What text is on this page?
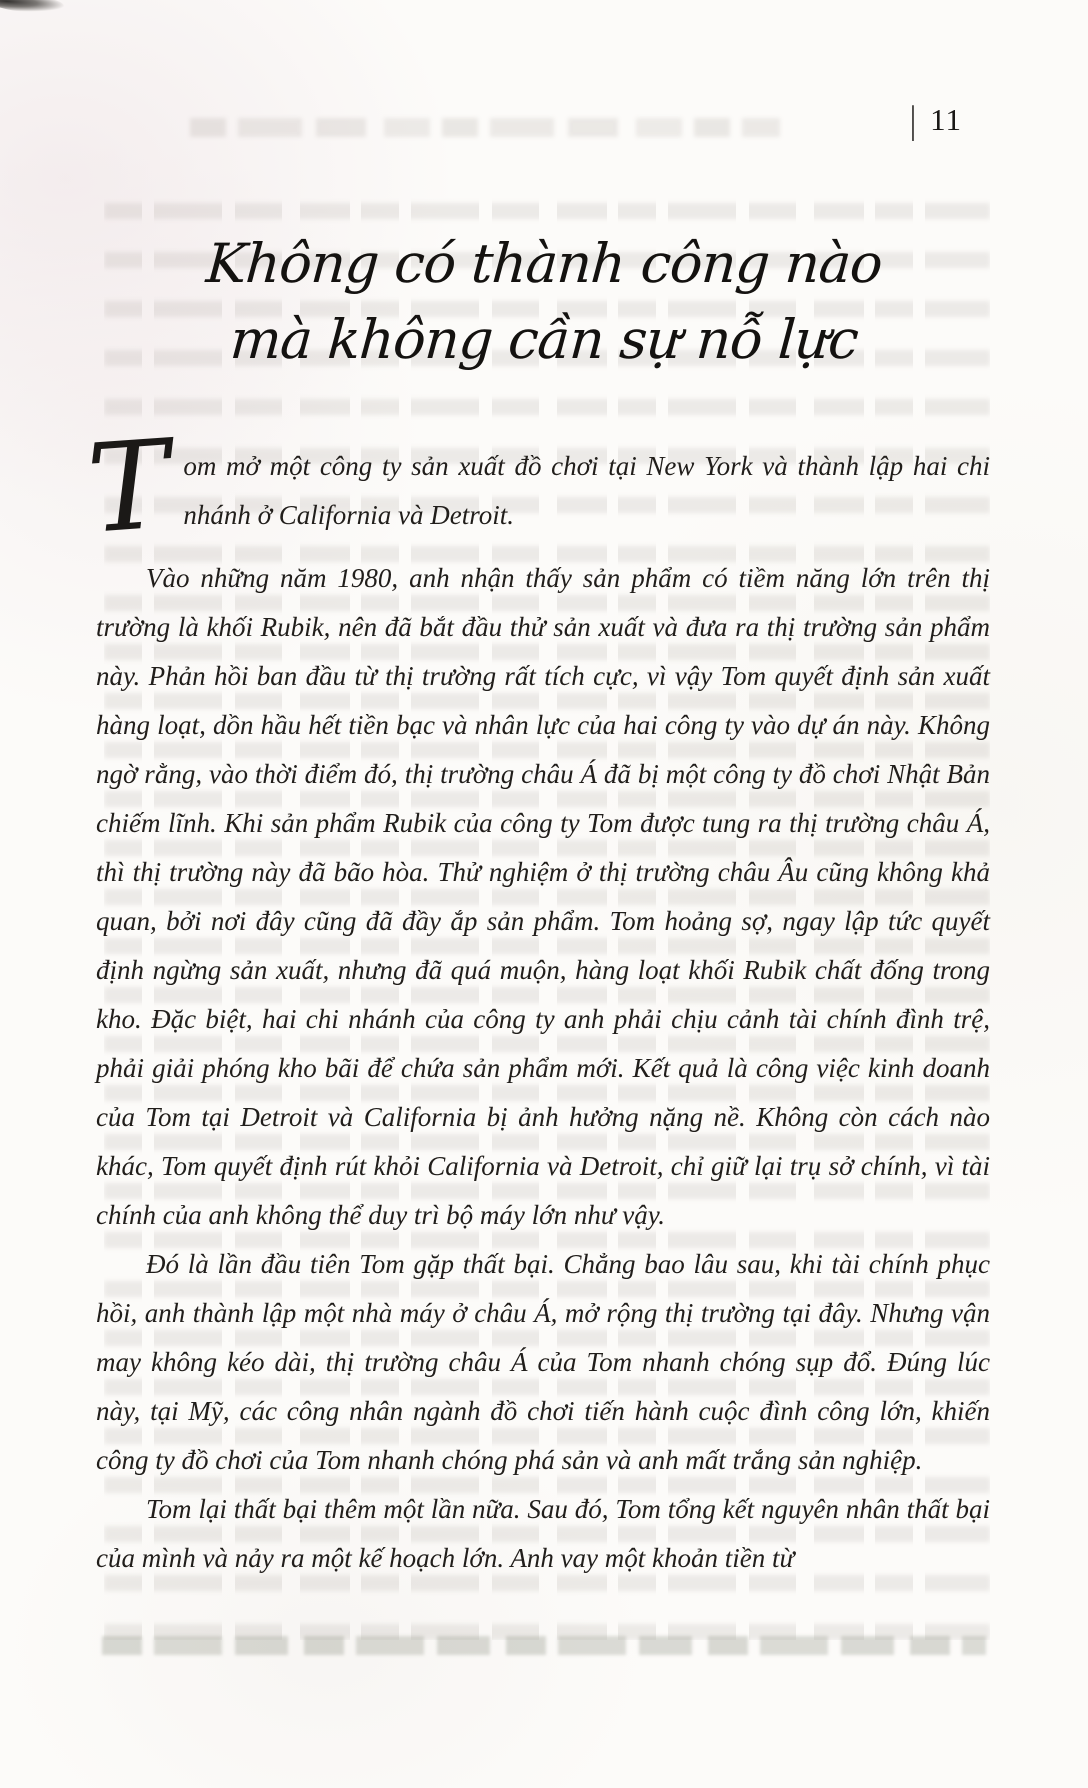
| 11
Không có thành công nào
mà không cần sự nỗ lực

Tom mở một công ty sản xuất đồ chơi tại New York và thành lập hai chi nhánh ở California và Detroit.

Vào những năm 1980, anh nhận thấy sản phẩm có tiềm năng lớn trên thị trường là khối Rubik, nên đã bắt đầu thử sản xuất và đưa ra thị trường sản phẩm này. Phản hồi ban đầu từ thị trường rất tích cực, vì vậy Tom quyết định sản xuất hàng loạt, dồn hầu hết tiền bạc và nhân lực của hai công ty vào dự án này. Không ngờ rằng, vào thời điểm đó, thị trường châu Á đã bị một công ty đồ chơi Nhật Bản chiếm lĩnh. Khi sản phẩm Rubik của công ty Tom được tung ra thị trường châu Á, thì thị trường này đã bão hòa. Thử nghiệm ở thị trường châu Âu cũng không khả quan, bởi nơi đây cũng đã đầy ắp sản phẩm. Tom hoảng sợ, ngay lập tức quyết định ngừng sản xuất, nhưng đã quá muộn, hàng loạt khối Rubik chất đống trong kho. Đặc biệt, hai chi nhánh của công ty anh phải chịu cảnh tài chính đình trệ, phải giải phóng kho bãi để chứa sản phẩm mới. Kết quả là công việc kinh doanh của Tom tại Detroit và California bị ảnh hưởng nặng nề. Không còn cách nào khác, Tom quyết định rút khỏi California và Detroit, chỉ giữ lại trụ sở chính, vì tài chính của anh không thể duy trì bộ máy lớn như vậy.

Đó là lần đầu tiên Tom gặp thất bại. Chẳng bao lâu sau, khi tài chính phục hồi, anh thành lập một nhà máy ở châu Á, mở rộng thị trường tại đây. Nhưng vận may không kéo dài, thị trường châu Á của Tom nhanh chóng sụp đổ. Đúng lúc này, tại Mỹ, các công nhân ngành đồ chơi tiến hành cuộc đình công lớn, khiến công ty đồ chơi của Tom nhanh chóng phá sản và anh mất trắng sản nghiệp.

Tom lại thất bại thêm một lần nữa. Sau đó, Tom tổng kết nguyên nhân thất bại của mình và nảy ra một kế hoạch lớn. Anh vay một khoản tiền từ
